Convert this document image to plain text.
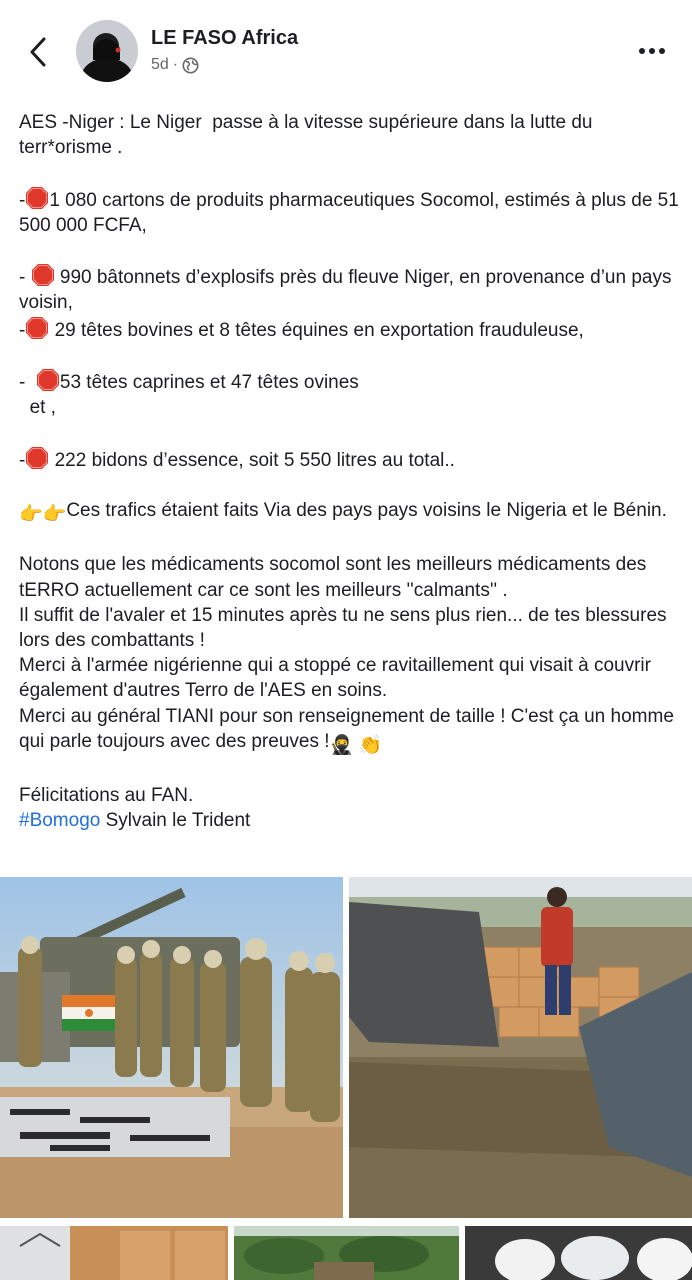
LE FASO Africa
5d ·

AES -Niger : Le Niger  passe à la vitesse supérieure dans la lutte du terr*orisme .

- 1 080 cartons de produits pharmaceutiques Socomol, estimés à plus de 51 500 000 FCFA,

-  990 bâtonnets d’explosifs près du fleuve Niger, en provenance d’un pays voisin,

- 29 têtes bovines et 8 têtes équines en exportation frauduleuse,

-  53 têtes caprines et 47 têtes ovines

et ,

- 222 bidons d’essence, soit 5 550 litres au total..

👉👉Ces trafics étaient faits Via des pays pays voisins le Nigeria et le Bénin.

Notons que les médicaments socomol sont les meilleurs médicaments des tERRO actuellement car ce sont les meilleurs ''calmants'' .

Il suffit de l'avaler et 15 minutes après tu ne sens plus rien... de tes blessures lors des combattants !

Merci à l'armée nigérienne qui a stoppé ce ravitaillement qui visait à couvrir également d'autres Terro de l'AES en soins.

Merci au général TIANI pour son renseignement de taille ! C'est ça un homme  qui parle toujours avec des preuves !🥷 👏

Félicitations au FAN.

#Bomogo Sylvain le Trident
